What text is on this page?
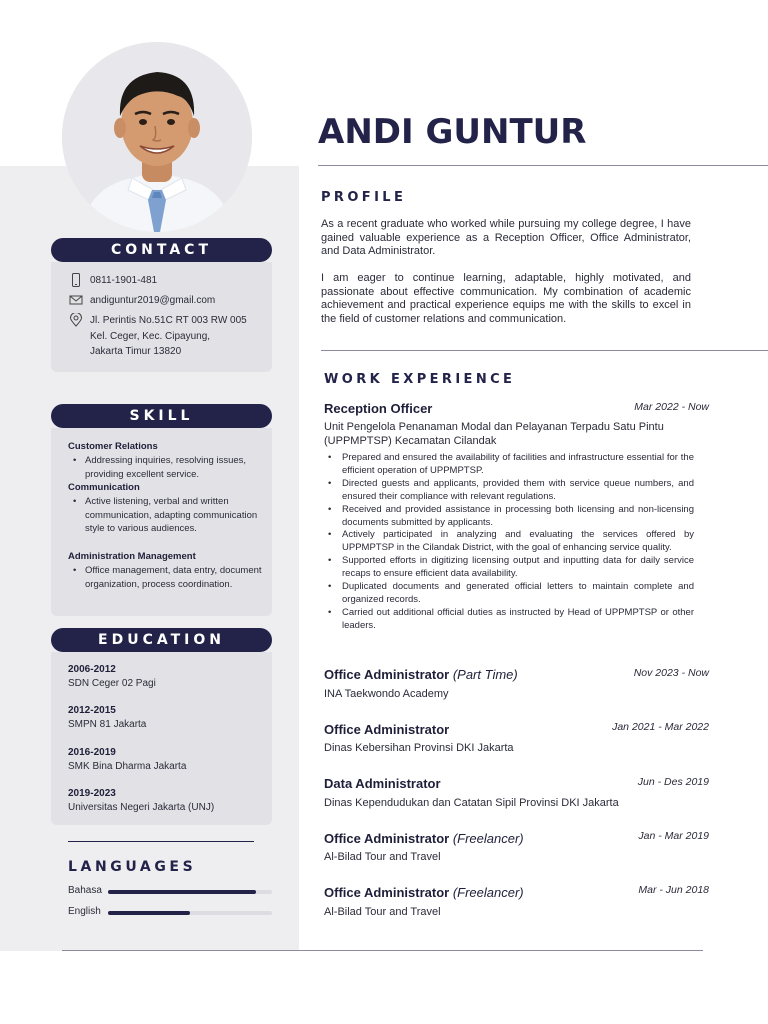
CONTACT
0811-1901-481
andiguntur2019@gmail.com
Jl. Perintis No.51C RT 003 RW 005
Kel. Ceger, Kec. Cipayung,
Jakarta Timur 13820
SKILL
Customer Relations
• Addressing inquiries, resolving issues, providing excellent service.
Communication
• Active listening, verbal and written communication, adapting communication style to various audiences.
Administration Management
• Office management, data entry, document organization, process coordination.
EDUCATION
2006-2012
SDN Ceger 02 Pagi
2012-2015
SMPN 81 Jakarta
2016-2019
SMK Bina Dharma Jakarta
2019-2023
Universitas Negeri Jakarta (UNJ)
LANGUAGES
Bahasa
English
ANDI GUNTUR
PROFILE

As a recent graduate who worked while pursuing my college degree, I have gained valuable experience as a Reception Officer, Office Administrator, and Data Administrator.

I am eager to continue learning, adaptable, highly motivated, and passionate about effective communication. My combination of academic achievement and practical experience equips me with the skills to excel in the field of customer relations and communication.

WORK EXPERIENCE
Reception Officer	Mar 2022 - Now
Unit Pengelola Penanaman Modal dan Pelayanan Terpadu Satu Pintu (UPPMPTSP) Kecamatan Cilandak
• Prepared and ensured the availability of facilities and infrastructure essential for the efficient operation of UPPMPTSP.
• Directed guests and applicants, provided them with service queue numbers, and ensured their compliance with relevant regulations.
• Received and provided assistance in processing both licensing and non-licensing documents submitted by applicants.
• Actively participated in analyzing and evaluating the services offered by UPPMPTSP in the Cilandak District, with the goal of enhancing service quality.
• Supported efforts in digitizing licensing output and inputting data for daily service recaps to ensure efficient data availability.
• Duplicated documents and generated official letters to maintain complete and organized records.
• Carried out additional official duties as instructed by Head of UPPMPTSP or other leaders.
Office Administrator (Part Time)	Nov 2023 - Now
INA Taekwondo Academy
Office Administrator	Jan 2021 - Mar 2022
Dinas Kebersihan Provinsi DKI Jakarta
Data Administrator	Jun - Des 2019
Dinas Kependudukan dan Catatan Sipil Provinsi DKI Jakarta
Office Administrator (Freelancer)	Jan - Mar 2019
Al-Bilad Tour and Travel
Office Administrator (Freelancer)	Mar - Jun 2018
Al-Bilad Tour and Travel
